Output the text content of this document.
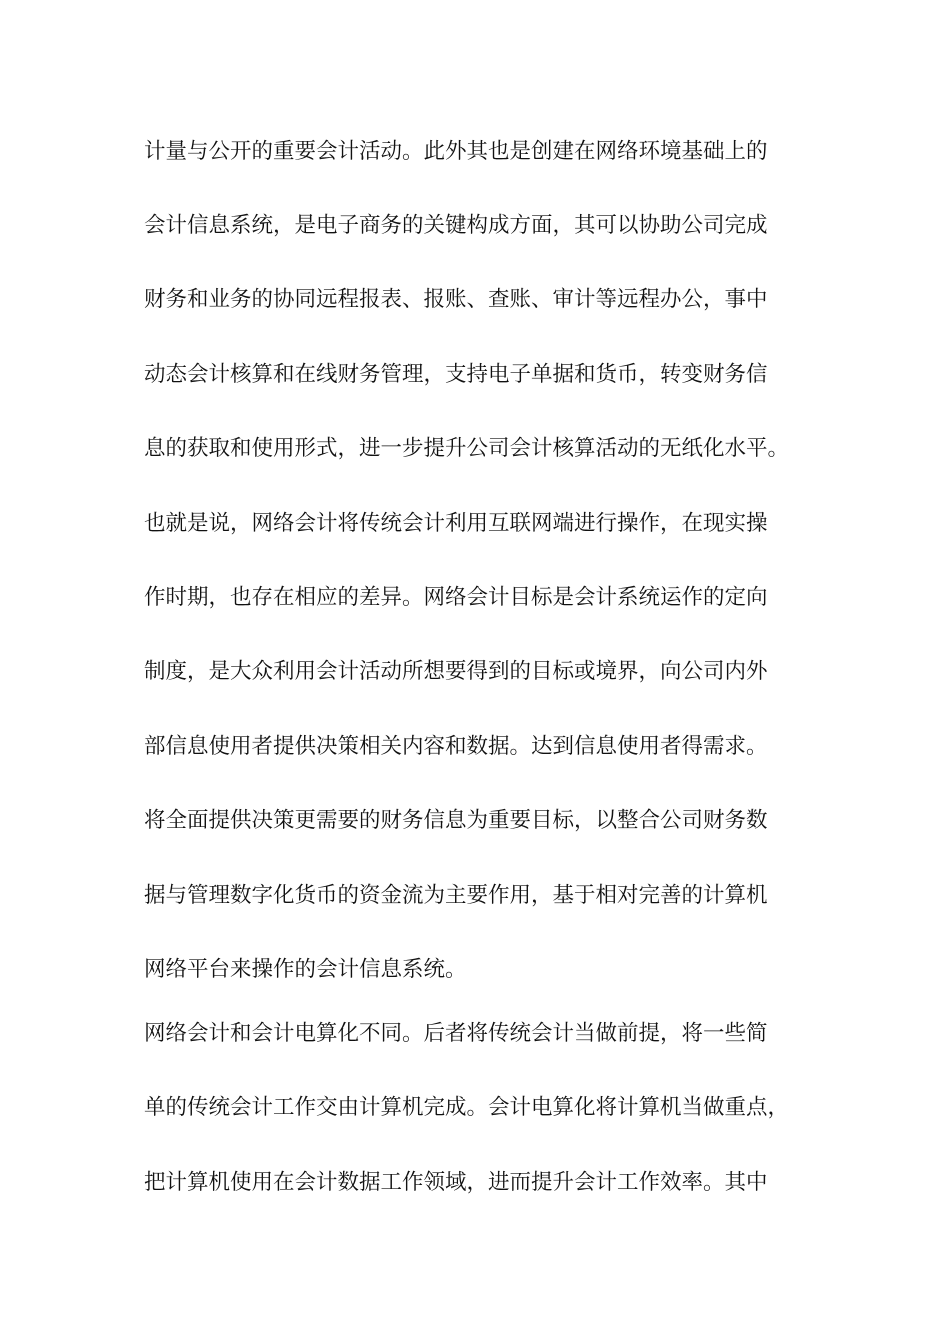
计量与公开的重要会计活动。此外其也是创建在网络环境基础上的
会计信息系统，是电子商务的关键构成方面，其可以协助公司完成
财务和业务的协同远程报表、报账、查账、审计等远程办公，事中
动态会计核算和在线财务管理，支持电子单据和货币，转变财务信
息的获取和使用形式，进一步提升公司会计核算活动的无纸化水平。
也就是说，网络会计将传统会计利用互联网端进行操作，在现实操
作时期，也存在相应的差异。网络会计目标是会计系统运作的定向
制度，是大众利用会计活动所想要得到的目标或境界，向公司内外
部信息使用者提供决策相关内容和数据。达到信息使用者得需求。
将全面提供决策更需要的财务信息为重要目标，以整合公司财务数
据与管理数字化货币的资金流为主要作用，基于相对完善的计算机
网络平台来操作的会计信息系统。
网络会计和会计电算化不同。后者将传统会计当做前提，将一些简
单的传统会计工作交由计算机完成。会计电算化将计算机当做重点，
把计算机使用在会计数据工作领域，进而提升会计工作效率。其中
